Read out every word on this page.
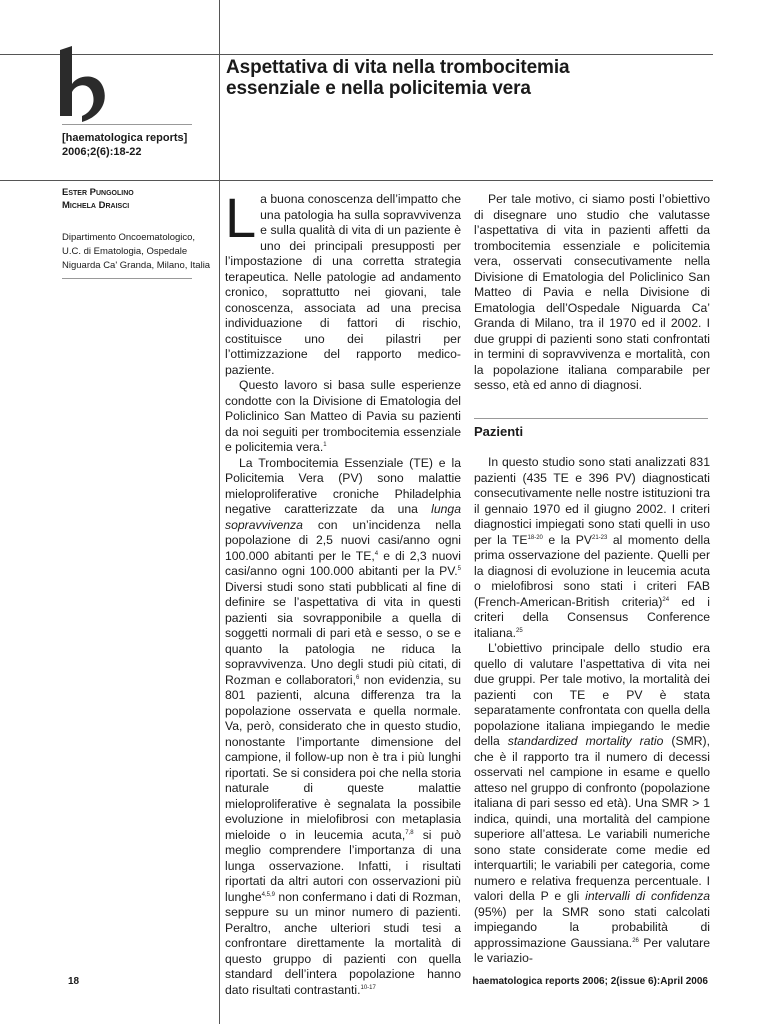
[haematologica reports]
2006;2(6):18-22
Aspettativa di vita nella trombocitemia
essenziale e nella policitemia vera
Ester Pungolino
Michela Draisci
Dipartimento Oncoematologico, U.C. di Ematologia, Ospedale Niguarda Ca' Granda, Milano, Italia

La buona conoscenza dell’impatto che una patologia ha sulla sopravvivenza e sulla qualità di vita di un paziente è uno dei principali presupposti per l’impostazione di una corretta strategia terapeutica. Nelle patologie ad andamento cronico, soprattutto nei giovani, tale conoscenza, associata ad una precisa individuazione di fattori di rischio, costituisce uno dei pilastri per l’ottimizzazione del rapporto medico-paziente.

Questo lavoro si basa sulle esperienze condotte con la Divisione di Ematologia del Policlinico San Matteo di Pavia su pazienti da noi seguiti per trombocitemia essenziale e policitemia vera.$^1$

La Trombocitemia Essenziale (TE) e la Policitemia Vera (PV) sono malattie mieloproliferative croniche Philadelphia negative caratterizzate da una lunga sopravvivenza con un’incidenza nella popolazione di 2,5 nuovi casi/anno ogni 100.000 abitanti per le TE,$^4$ e di 2,3 nuovi casi/anno ogni 100.000 abitanti per la PV.$^5$ Diversi studi sono stati pubblicati al fine di definire se l’aspettativa di vita in questi pazienti sia sovrapponibile a quella di soggetti normali di pari età e sesso, o se e quanto la patologia ne riduca la sopravvivenza. Uno degli studi più citati, di Rozman e collaboratori,$^6$ non evidenzia, su 801 pazienti, alcuna differenza tra la popolazione osservata e quella normale. Va, però, considerato che in questo studio, nonostante l’importante dimensione del campione, il follow-up non è tra i più lunghi riportati. Se si considera poi che nella storia naturale di queste malattie mieloproliferative è segnalata la possibile evoluzione in mielofibrosi con metaplasia mieloide o in leucemia acuta,$^{7,8}$ si può meglio comprendere l’importanza di una lunga osservazione. Infatti, i risultati riportati da altri autori con osservazioni più lunghe$^{4,5,9}$ non confermano i dati di Rozman, seppure su un minor numero di pazienti. Peraltro, anche ulteriori studi tesi a confrontare direttamente la mortalità di questo gruppo di pazienti con quella standard dell’intera popolazione hanno dato risultati contrastanti.$^{10-17}$

Per tale motivo, ci siamo posti l’obiettivo di disegnare uno studio che valutasse l’aspettativa di vita in pazienti affetti da trombocitemia essenziale e policitemia vera, osservati consecutivamente nella Divisione di Ematologia del Policlinico San Matteo di Pavia e nella Divisione di Ematologia dell’Ospedale Niguarda Ca’ Granda di Milano, tra il 1970 ed il 2002. I due gruppi di pazienti sono stati confrontati in termini di sopravvivenza e mortalità, con la popolazione italiana comparabile per sesso, età ed anno di diagnosi.

Pazienti

In questo studio sono stati analizzati 831 pazienti (435 TE e 396 PV) diagnosticati consecutivamente nelle nostre istituzioni tra il gennaio 1970 ed il giugno 2002. I criteri diagnostici impiegati sono stati quelli in uso per la TE$^{18-20}$ e la PV$^{21-23}$ al momento della prima osservazione del paziente. Quelli per la diagnosi di evoluzione in leucemia acuta o mielofibrosi sono stati i criteri FAB (French-American-British criteria)$^{24}$ ed i criteri della Consensus Conference italiana.$^{25}$

L’obiettivo principale dello studio era quello di valutare l’aspettativa di vita nei due gruppi. Per tale motivo, la mortalità dei pazienti con TE e PV è stata separatamente confrontata con quella della popolazione italiana impiegando le medie della standardized mortality ratio (SMR), che è il rapporto tra il numero di decessi osservati nel campione in esame e quello atteso nel gruppo di confronto (popolazione italiana di pari sesso ed età). Una SMR > 1 indica, quindi, una mortalità del campione superiore all’attesa. Le variabili numeriche sono state considerate come medie ed interquartili; le variabili per categoria, come numero e relativa frequenza percentuale. I valori della P e gli intervalli di confidenza (95%) per la SMR sono stati calcolati impiegando la probabilità di approssimazione Gaussiana.$^{26}$ Per valutare le variazio-

18	haematologica reports 2006; 2(issue 6):April 2006
